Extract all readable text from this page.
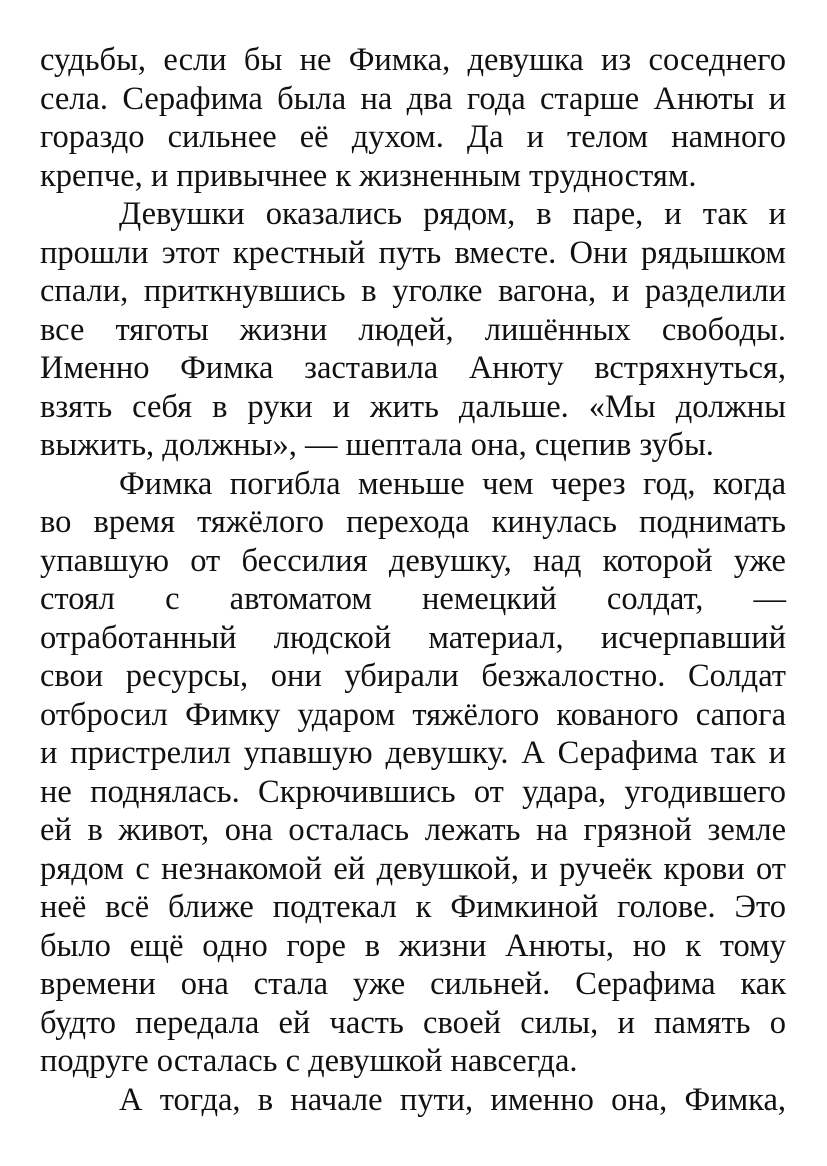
судьбы, если бы не Фимка, девушка из соседнего
села. Серафима была на два года старше Анюты и
гораздо сильнее её духом. Да и телом намного
крепче, и привычнее к жизненным трудностям.
Девушки оказались рядом, в паре, и так и
прошли этот крестный путь вместе. Они рядышком
спали, приткнувшись в уголке вагона, и разделили
все тяготы жизни людей, лишённых свободы.
Именно Фимка заставила Анюту встряхнуться,
взять себя в руки и жить дальше. «Мы должны
выжить, должны», — шептала она, сцепив зубы.
Фимка погибла меньше чем через год, когда
во время тяжёлого перехода кинулась поднимать
упавшую от бессилия девушку, над которой уже
стоял с автоматом немецкий солдат, —
отработанный людской материал, исчерпавший
свои ресурсы, они убирали безжалостно. Солдат
отбросил Фимку ударом тяжёлого кованого сапога
и пристрелил упавшую девушку. А Серафима так и
не поднялась. Скрючившись от удара, угодившего
ей в живот, она осталась лежать на грязной земле
рядом с незнакомой ей девушкой, и ручеёк крови от
неё всё ближе подтекал к Фимкиной голове. Это
было ещё одно горе в жизни Анюты, но к тому
времени она стала уже сильней. Серафима как
будто передала ей часть своей силы, и память о
подруге осталась с девушкой навсегда.
А тогда, в начале пути, именно она, Фимка,
